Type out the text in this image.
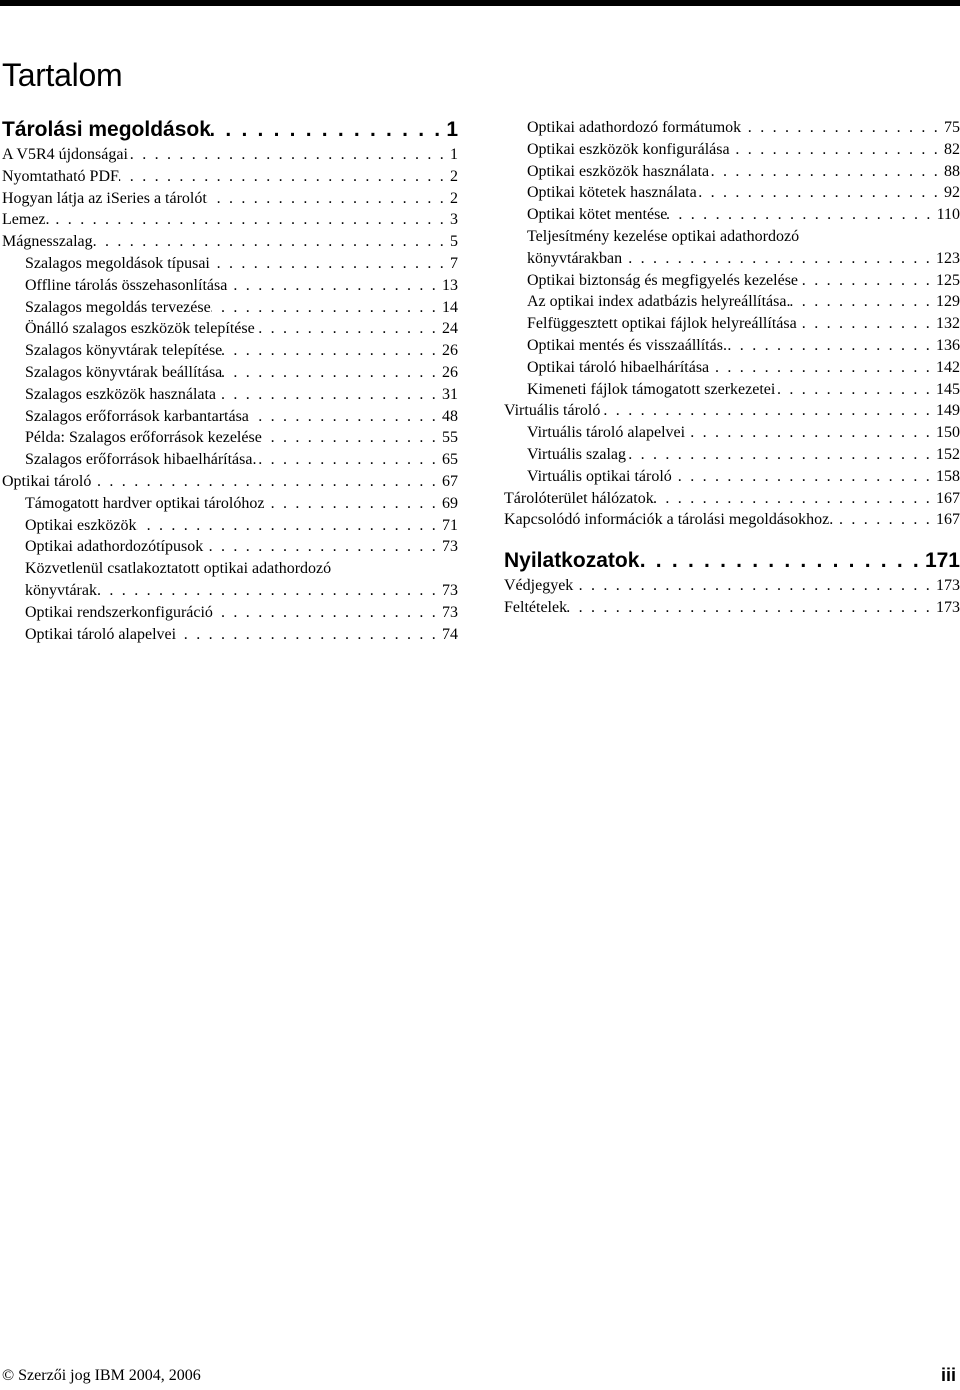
Tartalom
Tárolási megoldások . . .	1
A V5R4 újdonságai . . .	1
Nyomtatható PDF . . .	2
Hogyan látja az iSeries a tárolót . . .	2
Lemez. . . .	3
Mágnesszalag . . .	5
Szalagos megoldások típusai . . .	7
Offline tárolás összehasonlítása . . .	13
Szalagos megoldás tervezése . . .	14
Önálló szalagos eszközök telepítése . . .	24
Szalagos könyvtárak telepítése . . .	26
Szalagos könyvtárak beállítása . . .	26
Szalagos eszközök használata . . .	31
Szalagos erőforrások karbantartása . . .	48
Példa: Szalagos erőforrások kezelése . . .	55
Szalagos erőforrások hibaelhárítása. . . .	65
Optikai tároló . . .	67
Támogatott hardver optikai tárolóhoz . . .	69
Optikai eszközök . . .	71
Optikai adathordozótípusok . . .	73
Közvetlenül csatlakoztatott optikai adathordozó
könyvtárak . . .	73
Optikai rendszerkonfiguráció . . .	73
Optikai tároló alapelvei . . .	74
Optikai adathordozó formátumok . . .	75
Optikai eszközök konfigurálása . . .	82
Optikai eszközök használata . . .	88
Optikai kötetek használata . . .	92
Optikai kötet mentése . . .	110
Teljesítmény kezelése optikai adathordozó
könyvtárakban . . .	123
Optikai biztonság és megfigyelés kezelése . . .	125
Az optikai index adatbázis helyreállítása. . . .	129
Felfüggesztett optikai fájlok helyreállítása . . .	132
Optikai mentés és visszaállítás. . . .	136
Optikai tároló hibaelhárítása . . .	142
Kimeneti fájlok támogatott szerkezetei . . .	145
Virtuális tároló . . .	149
Virtuális tároló alapelvei . . .	150
Virtuális szalag . . .	152
Virtuális optikai tároló . . .	158
Tárolóterület hálózatok . . .	167
Kapcsolódó információk a tárolási megoldásokhoz. . . .	167
Nyilatkozatok . . .	171
Védjegyek . . .	173
Feltételek . . .	173
© Szerzői jog IBM 2004, 2006	iii
